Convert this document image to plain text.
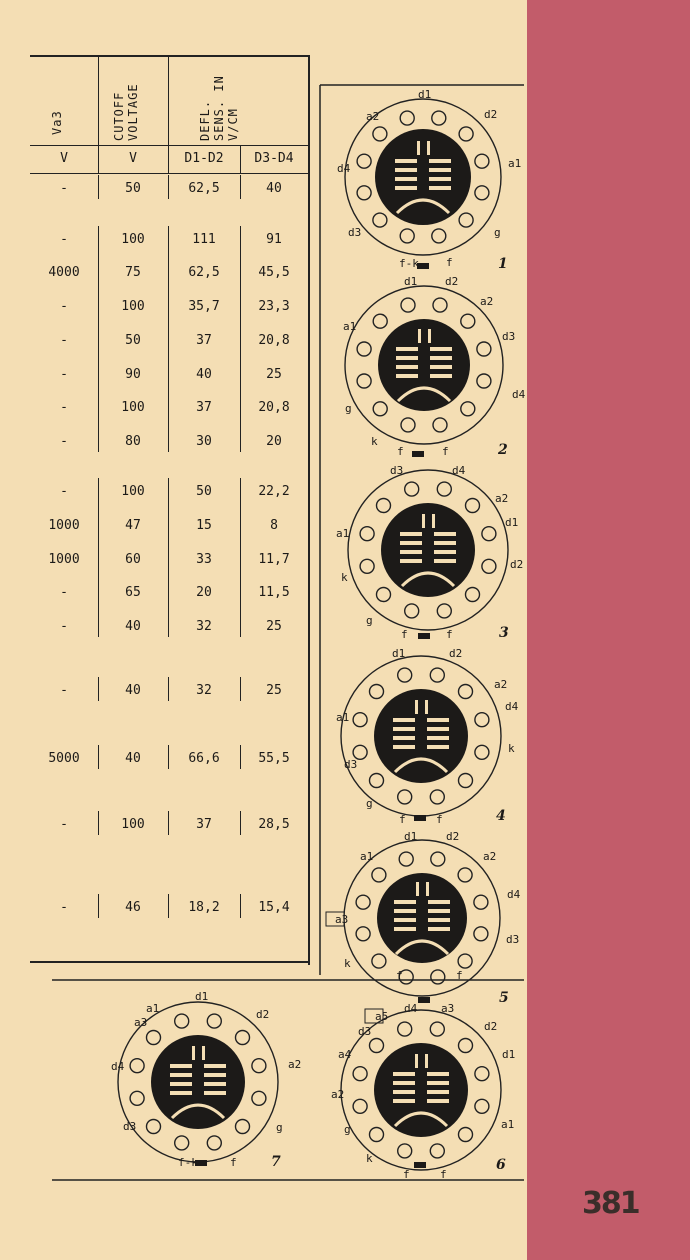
381
Va3	CUTOFF VOLTAGE	DEFL. SENS. IN V/CM
V	V	D1-D2	D3-D4
-	50	62,5	40
-	100	111	91
4000	75	62,5	45,5
-	100	35,7	23,3
-	50	37	20,8
-	90	40	25
-	100	37	20,8
-	80	30	20
-	100	50	22,2
1000	47	15	8
1000	60	33	11,7
-	65	20	11,5
-	40	32	25
-	40	32	25
5000	40	66,6	55,5
-	100	37	28,5
-	46	18,2	15,4
d1
a2	d2
d4	a1
d3	g
f-k f	1
d1	d2
a2
a1
d3
d4
g
k
f	f	2
d3	d4
a2
a1
d1
k
d2
g
f	f	3
d1	d2
a2
a1
d4
d3
k
g
f	f	4
d1	d2
a1	a2
d4
a3
d3
k
f	f
5
a5
d4 a3
d3	d2
a4	d1
a2
g	a1
k
f	f
6
a1
d1
a3
d2
d4	a2
d3	g
f-k	f 7
